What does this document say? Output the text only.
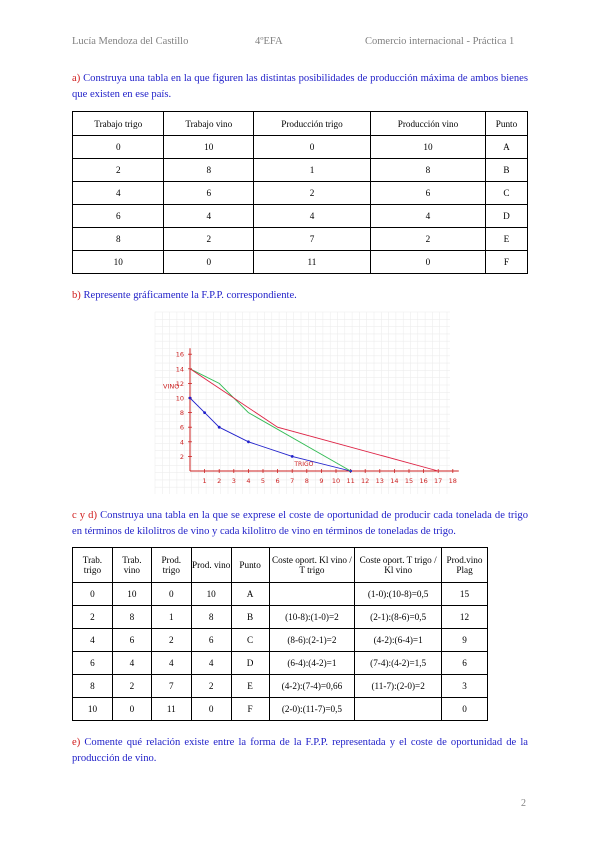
Lucía Mendoza del Castillo	4ºEFA	Comercio internacional - Práctica 1
a) Construya una tabla en la que figuren las distintas posibilidades de producción máxima de ambos bienes que existen en ese país.
Trabajo trigo	Trabajo vino	Producción trigo	Producción vino	Punto
0	10	0	10	A
2	8	1	8	B
4	6	2	6	C
6	4	4	4	D
8	2	7	2	E
10	0	11	0	F
b) Represente gráficamente la F.P.P. correspondiente.
1 2 3 4 5 6 7 8 9 10 11 12 13 14 15 16 17 18
2
4
6
8
10
12
14
16
VINO
TRIGO
c y d) Construya una tabla en la que se exprese el coste de oportunidad de producir cada tonelada de trigo en términos de kilolitros de vino y cada kilolitro de vino en términos de toneladas de trigo.
Trab. trigo	Trab. vino	Prod. trigo	Prod. vino	Punto	Coste oport. Kl vino / T trigo	Coste oport. T trigo / Kl vino	Prod.vino Plag
0	10	0	10	A		(1-0):(10-8)=0,5	15
2	8	1	8	B	(10-8):(1-0)=2	(2-1):(8-6)=0,5	12
4	6	2	6	C	(8-6):(2-1)=2	(4-2):(6-4)=1	9
6	4	4	4	D	(6-4):(4-2)=1	(7-4):(4-2)=1,5	6
8	2	7	2	E	(4-2):(7-4)=0,66	(11-7):(2-0)=2	3
10	0	11	0	F	(2-0):(11-7)=0,5		0
e) Comente qué relación existe entre la forma de la F.P.P. representada y el coste de oportunidad de la producción de vino.
2
